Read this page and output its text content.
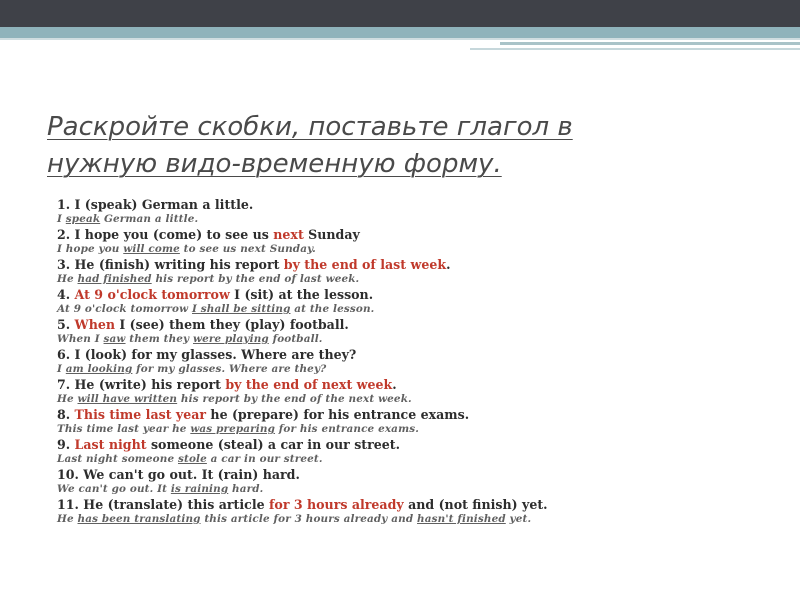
Раскройте скобки, поставьте глагол в нужную видо-временную форму.
1. I (speak) German a little.
I speak German a little.
2. I hope you (come) to see us next Sunday
I hope you will come to see us next Sunday.
3. He (finish) writing his report by the end of last week.
He had finished his report by the end of last week.
4. At 9 o'clock tomorrow I (sit) at the lesson.
At 9 o'clock tomorrow I shall be sitting at the lesson.
5. When I (see) them they (play) football.
When I saw them they were playing football.
6. I (look) for my glasses. Where are they?
I am looking for my glasses. Where are they?
7. He (write) his report by the end of next week.
He will have written his report by the end of the next week.
8. This time last year he (prepare) for his entrance exams.
This time last year he was preparing for his entrance exams.
9. Last night someone (steal) a car in our street.
Last night someone stole a car in our street.
10. We can't go out. It (rain) hard.
We can't go out. It is raining hard.
11. He (translate) this article for 3 hours already and (not finish) yet.
He has been translating this article for 3 hours already and hasn't finished yet.
